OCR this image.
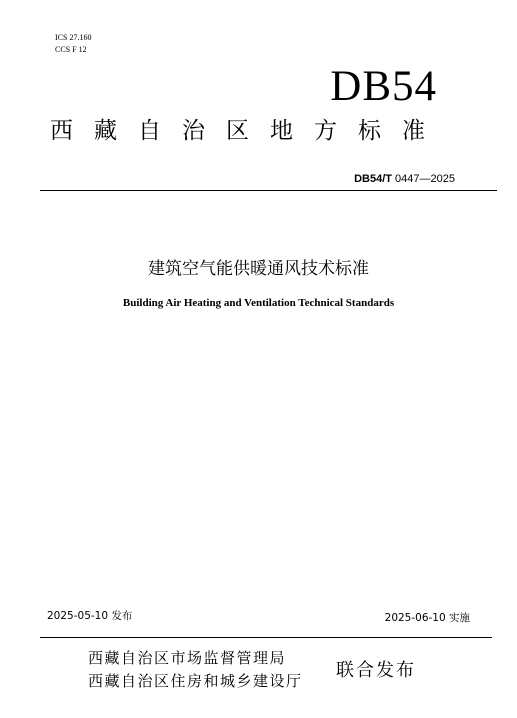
ICS 27.160
CCS F 12
DB54
西藏自治区地方标准
DB54/T 0447—2025
建筑空气能供暖通风技术标准
Building Air Heating and Ventilation Technical Standards
2025-05-10 发布	2025-06-10 实施
西藏自治区市场监督管理局
西藏自治区住房和城乡建设厅 联合发布
